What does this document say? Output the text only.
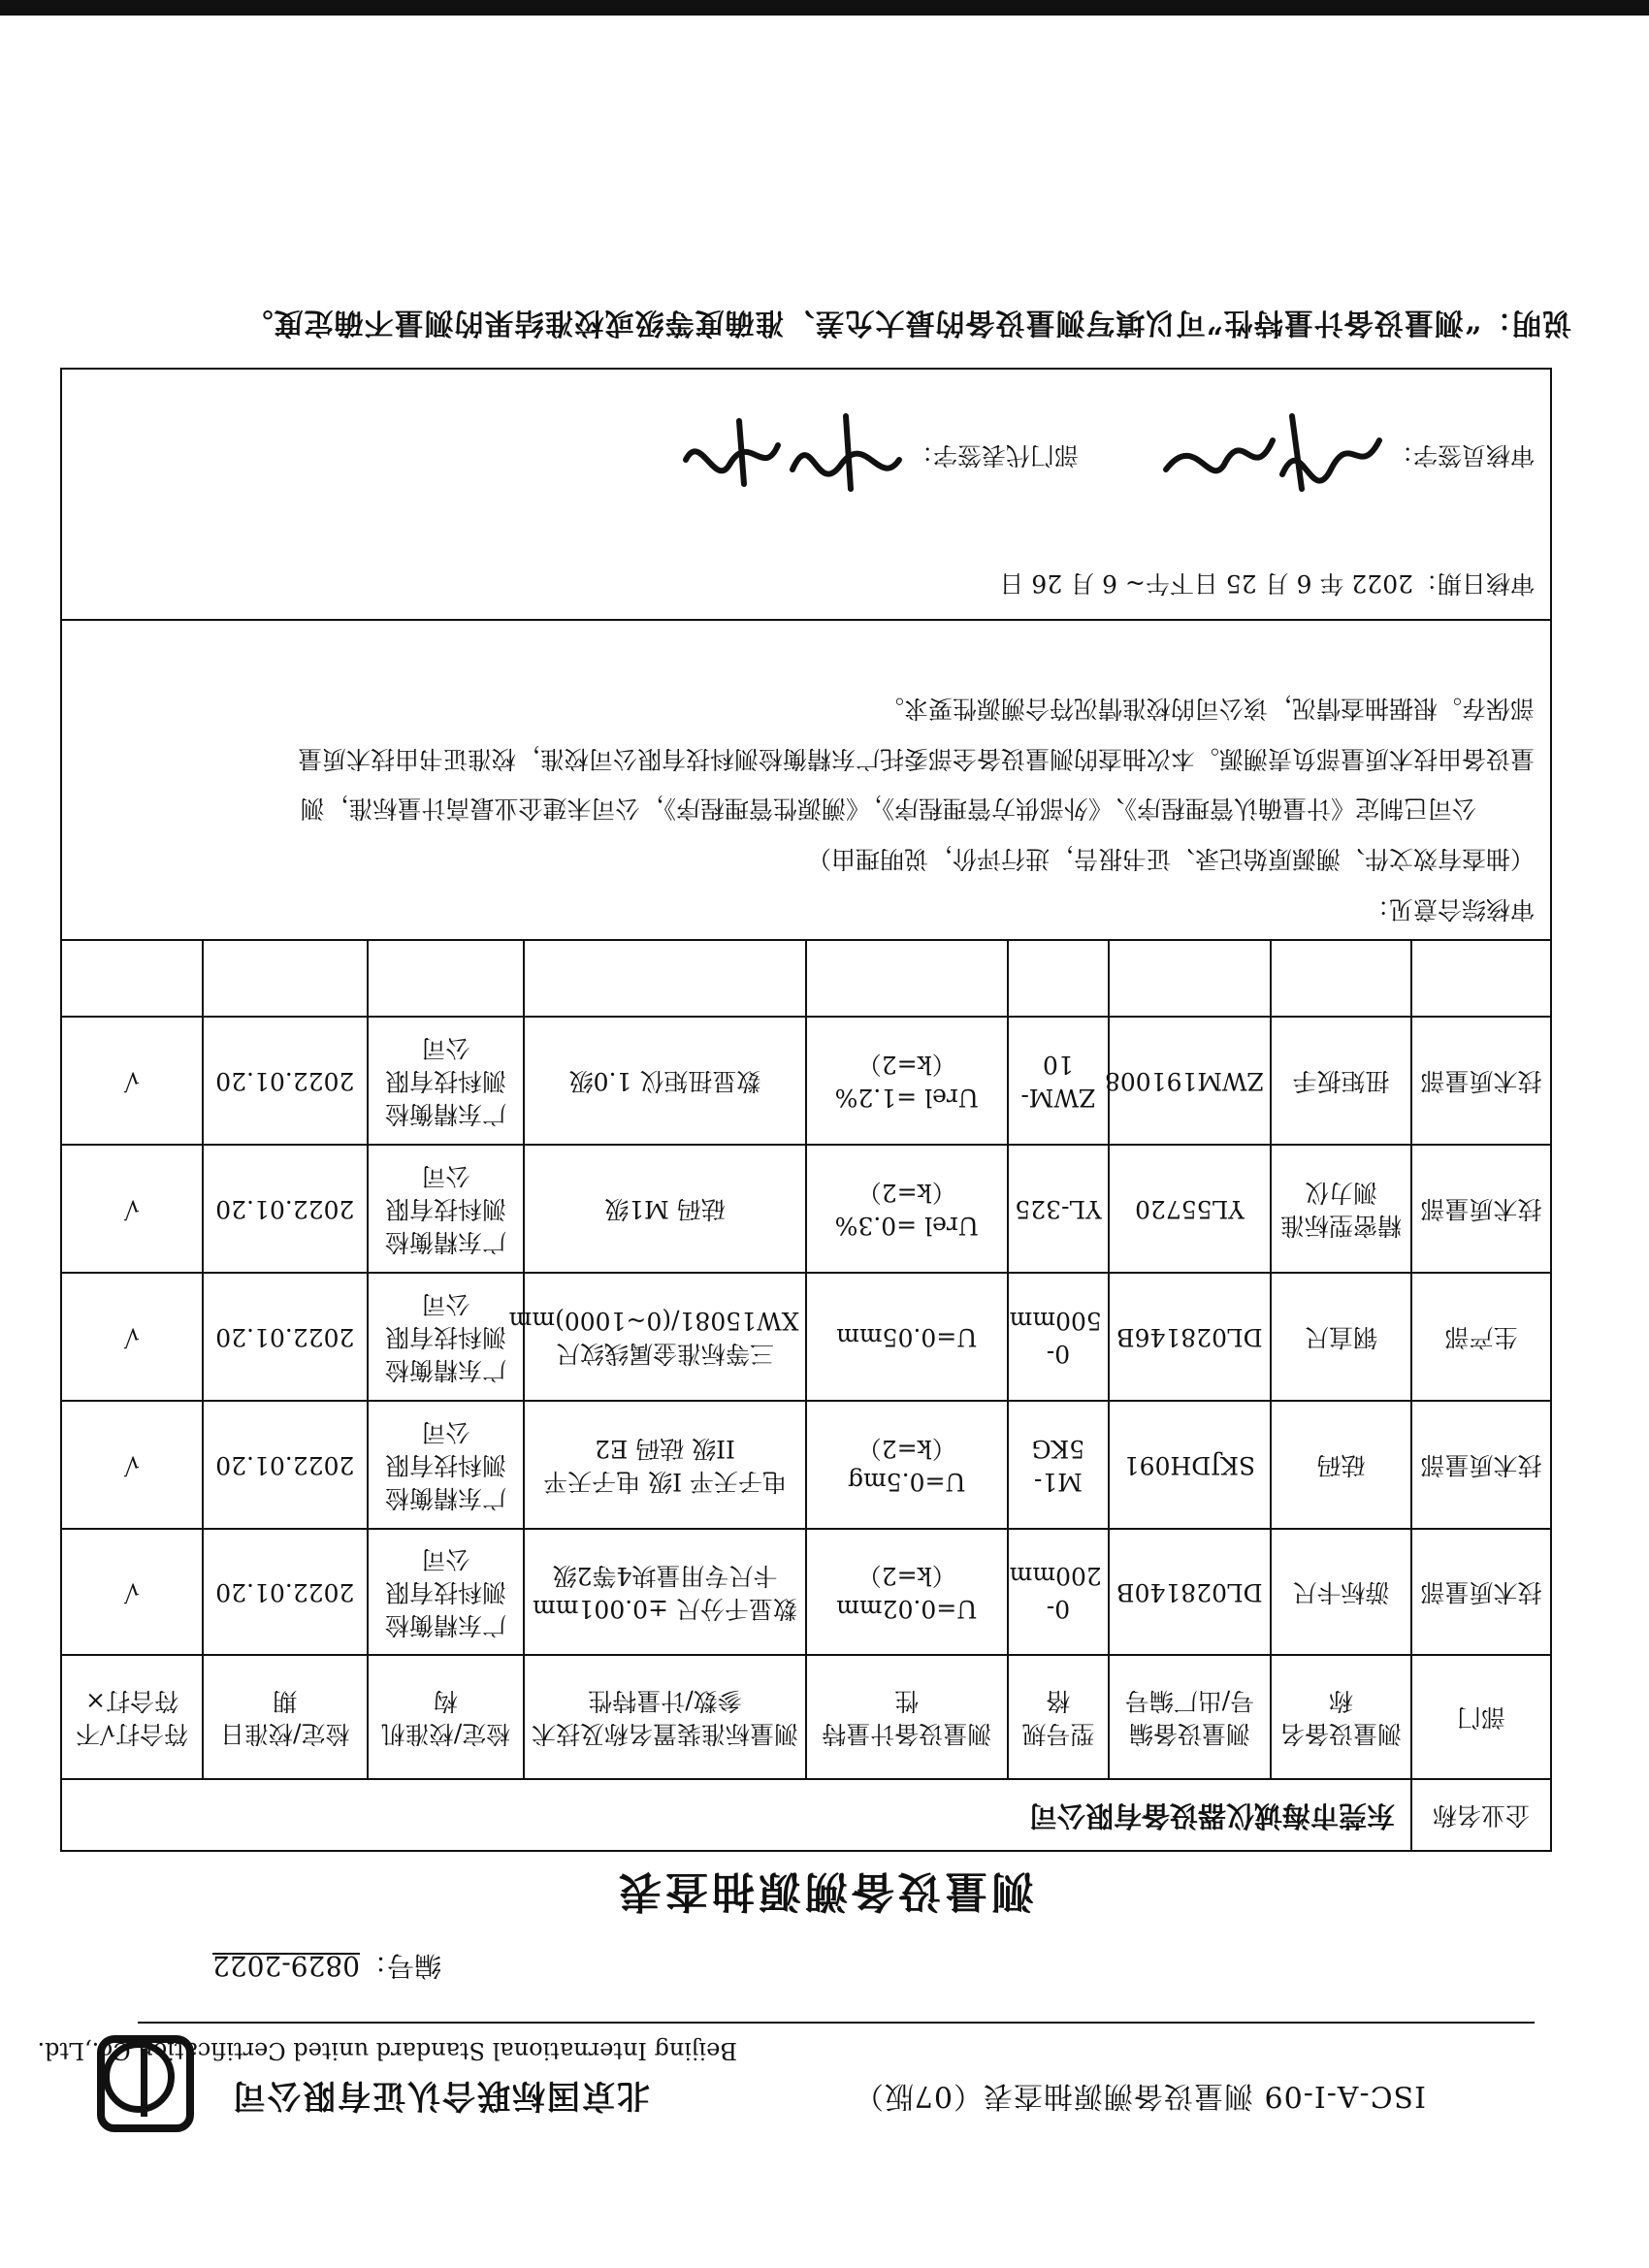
北京国标联合认证有限公司
Beijing International Standard united Certification Co.,Ltd.
ISC-A-I-09 测量设备溯源抽查表（07版）
编号：0829-2022
测量设备溯源抽查表
企业名称	东莞市海诚仪器设备有限公司							
部门	测量设备名称	测量设备编号/出厂编号	型号规格	测量设备计量特性	测量标准装置名称及技术参数/计量特性	检定/校准机构	检定/校准日期	符合打√不符合打×
技术质量部	游标卡尺	DL028140B	0-200mm	U=0.02mm（k=2）	数显千分尺 ±0.001mm 卡尺专用量块4等2级	广东精衡检测科技有限公司	2022.01.20	√
技术质量部	砝码	SKJDH091	M1-5KG	U=0.5mg（k=2）	电子天平 I级 电子天平 II级 砝码 E2	广东精衡检测科技有限公司	2022.01.20	√
生产部	钢直尺	DL028146B	0-500mm	U=0.05mm	三等标准金属线纹尺 XW15081/(0~1000)mm	广东精衡检测科技有限公司	2022.01.20	√
技术质量部	精密型标准测力仪	YL55720	YL-325	Urel =0.3%（k=2）	砝码 M1级	广东精衡检测科技有限公司	2022.01.20	√
技术质量部	扭矩扳手	ZWM191008	ZWM-10	Urel =1.2%（k=2）	数显扭矩仪 1.0级	广东精衡检测科技有限公司	2022.01.20	√

审核综合意见：
（抽查有效文件、溯源原始记录、证书报告，进行评价，说明理由）
公司已制定《计量确认管理程序》、《外部供方管理程序》，《溯源性管理程序》，公司未建企业最高计量标准，测
量设备由技术质量部负责溯源。本次抽查的测量设备全部委托广东精衡检测科技有限公司校准，校准证书由技术质量
部保存。根据抽查情况，该公司的校准情况符合溯源性要求。								

审核日期：2022 年 6 月 25 日下午~ 6 月 26 日
审核员签字：
部门代表签字：								
说明：“测量设备计量特性”可以填写测量设备的最大允差、准确度等级或校准结果的测量不确定度。
